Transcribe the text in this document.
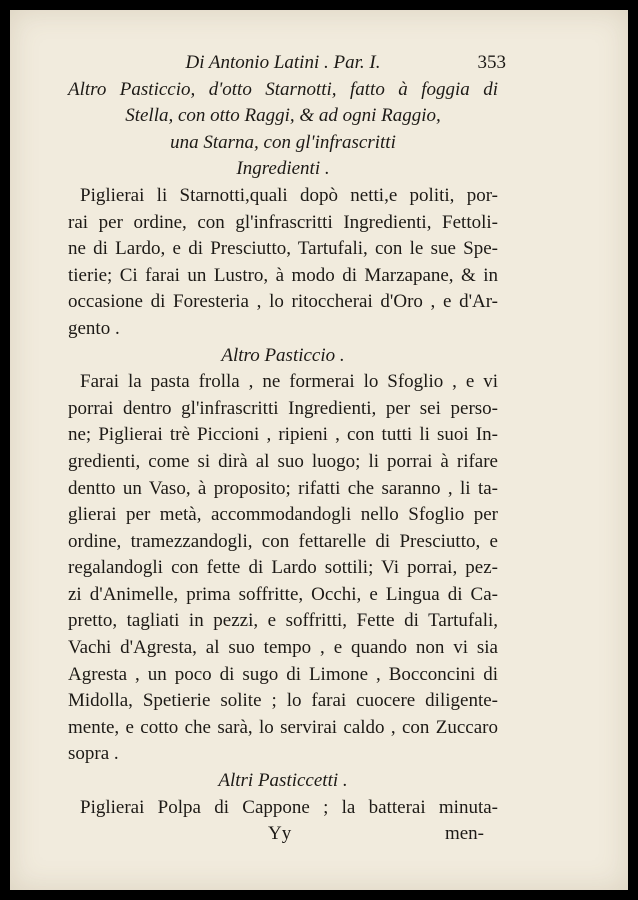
Di Antonio Latini . Par. I.	353
Altro Pasticcio, d'otto Starnotti, fatto à foggia di
Stella, con otto Raggi, & ad ogni Raggio,
una Starna, con gl'infrascritti
Ingredienti .
Piglierai li Starnotti,quali dopò netti,e politi, por-
rai per ordine, con gl'infrascritti Ingredienti, Fettoli-
ne di Lardo, e di Presciutto, Tartufali, con le sue Spe-
tierie; Ci farai un Lustro, à modo di Marzapane, & in
occasione di Foresteria , lo ritoccherai d'Oro , e d'Ar-
gento .
Altro Pasticcio .
Farai la pasta frolla , ne formerai lo Sfoglio , e vi
porrai dentro gl'infrascritti Ingredienti, per sei perso-
ne; Piglierai trè Piccioni , ripieni , con tutti li suoi In-
gredienti, come si dirà al suo luogo; li porrai à rifare
dentto un Vaso, à proposito; rifatti che saranno , li ta-
glierai per metà, accommodandogli nello Sfoglio per
ordine, tramezzandogli, con fettarelle di Presciutto, e
regalandogli con fette di Lardo sottili; Vi porrai, pez-
zi d'Animelle, prima soffritte, Occhi, e Lingua di Ca-
pretto, tagliati in pezzi, e soffritti, Fette di Tartufali,
Vachi d'Agresta, al suo tempo , e quando non vi sia
Agresta , un poco di sugo di Limone , Bocconcini di
Midolla, Spetierie solite ; lo farai cuocere diligente-
mente, e cotto che sarà, lo servirai caldo , con Zuccaro
sopra .
Altri Pasticcetti .
Piglierai Polpa di Cappone ; la batterai minuta-
Yy	men-
